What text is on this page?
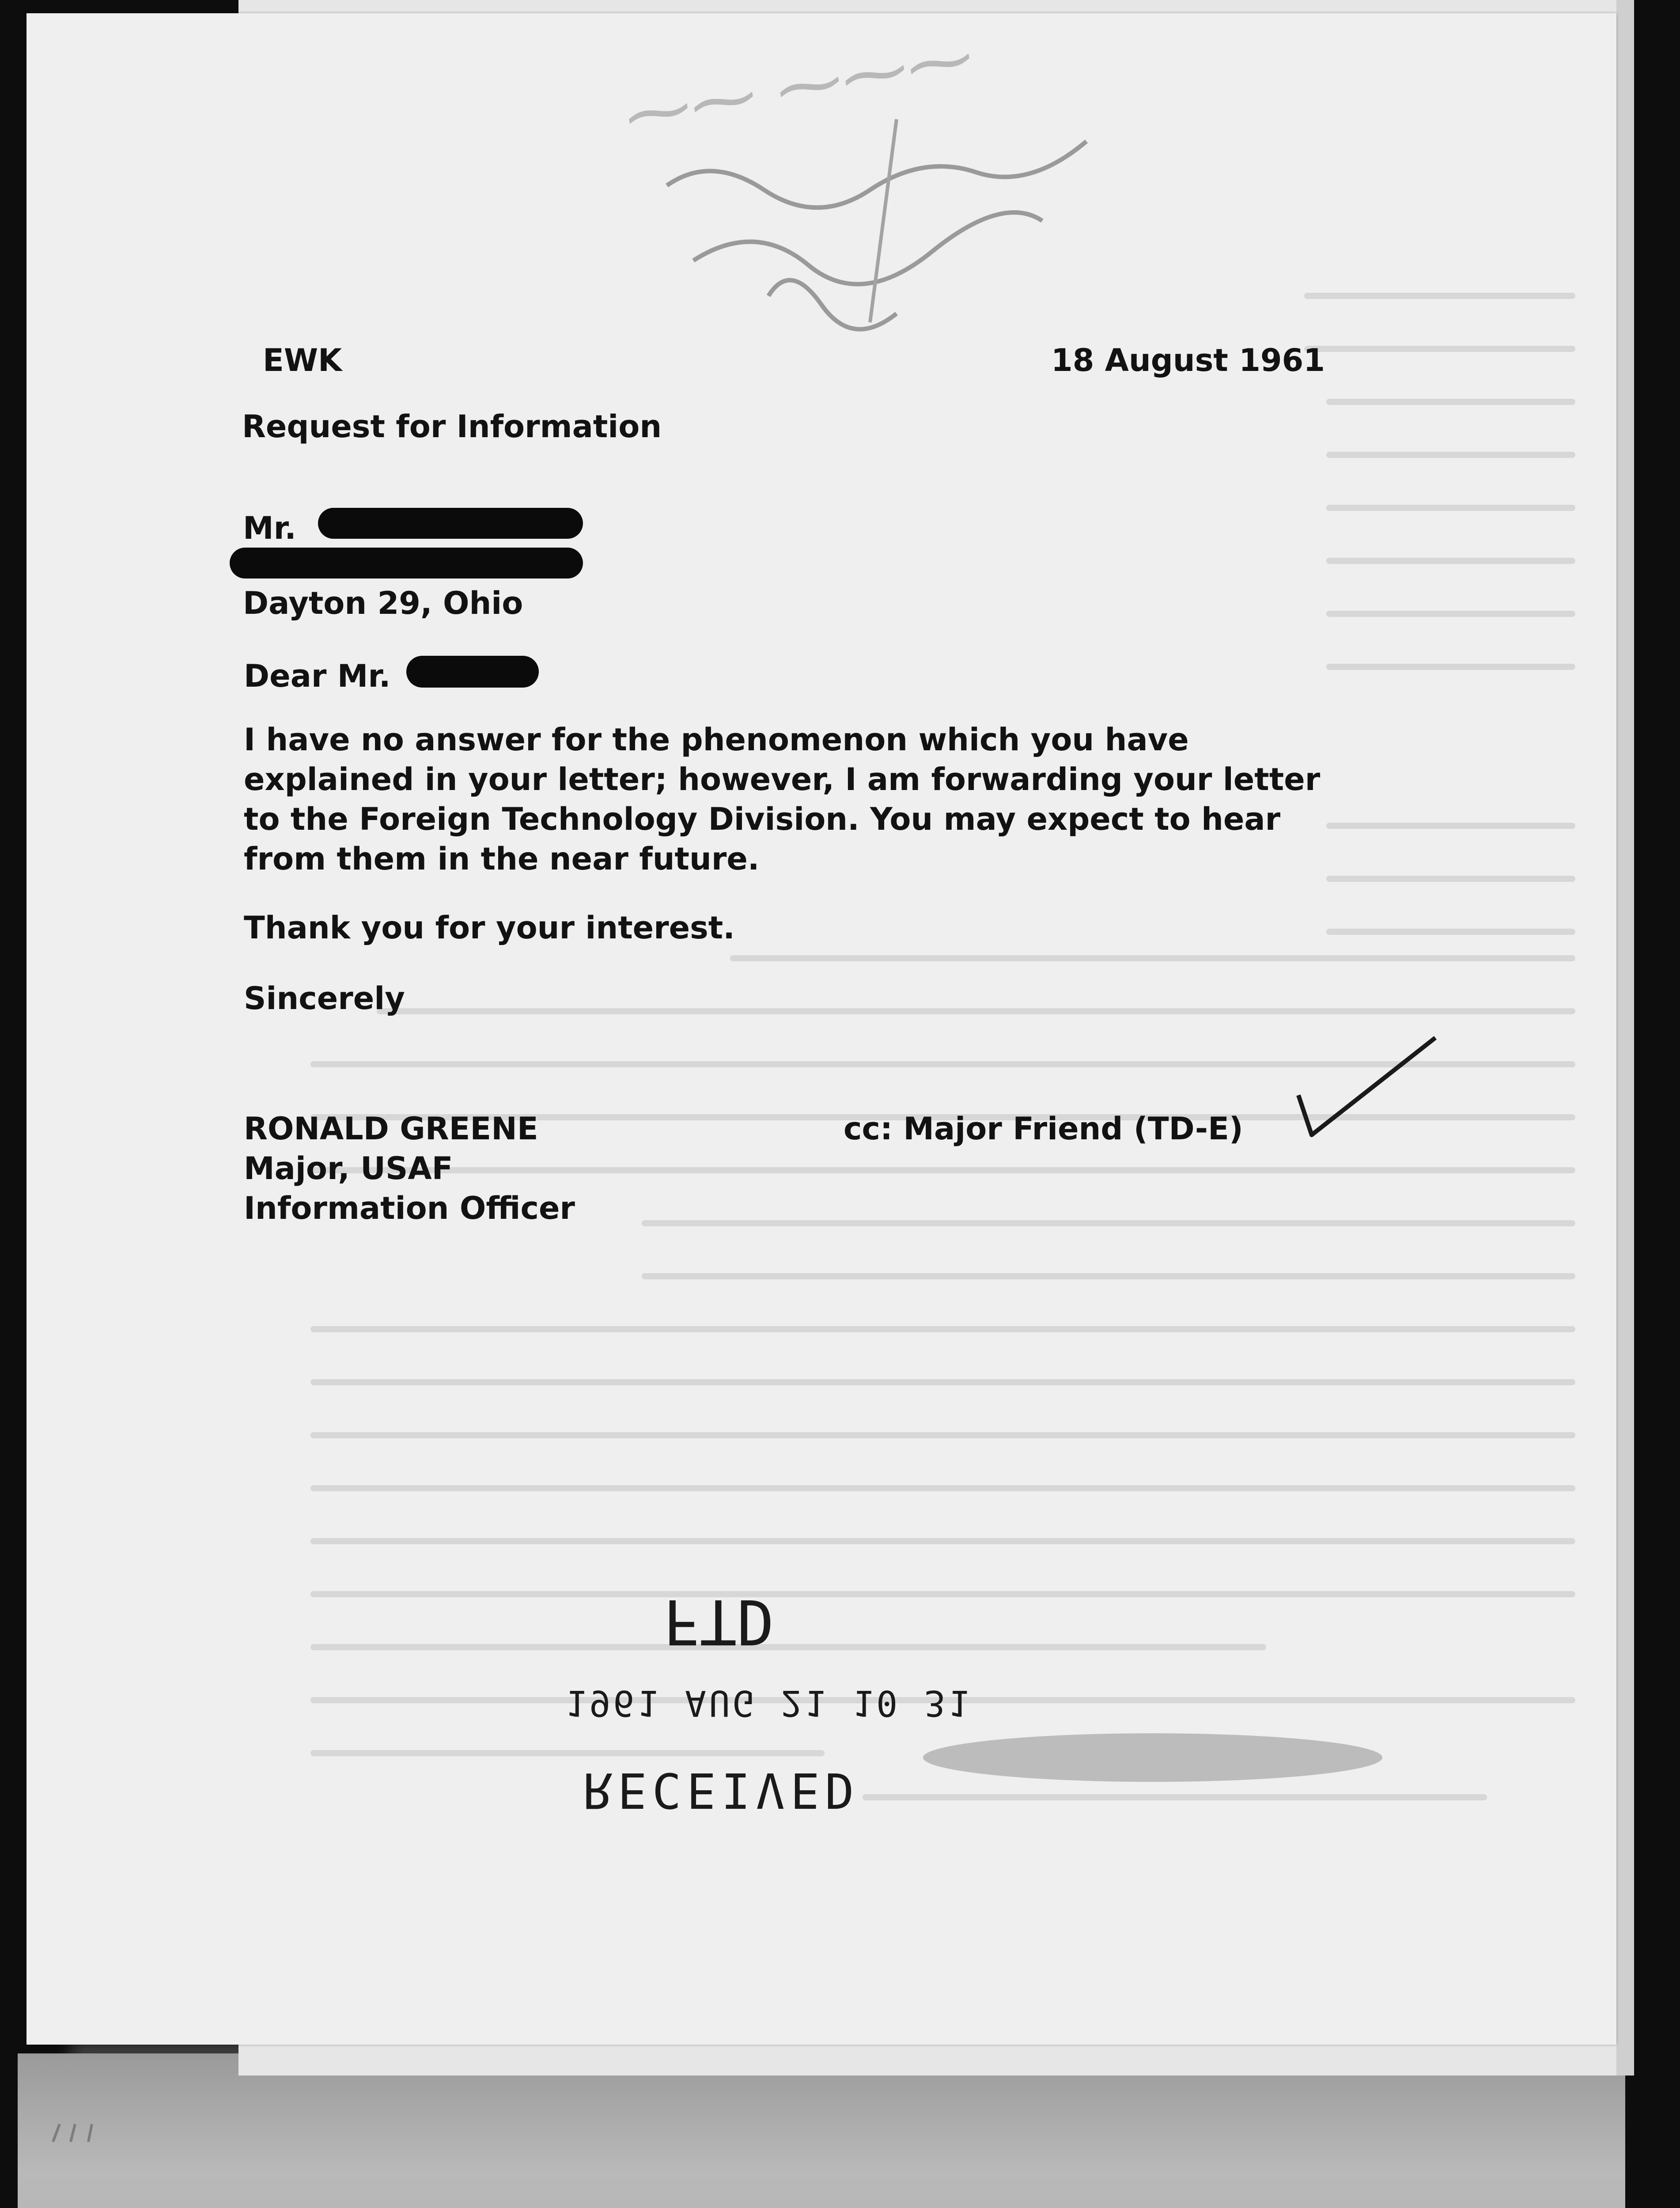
⁓⁓ ⁓⁓⁓
EWK	18 August 1961
Request for Information
Mr.
Dayton 29, Ohio
Dear Mr.
I have no answer for the phenomenon which you have explained in your letter; however, I am forwarding your letter to the Foreign Technology Division. You may expect to hear from them in the near future.
Thank you for your interest.
Sincerely
RONALD GREENE
Major, USAF
Information Officer
cc: Major Friend (TD-E)
FTD
1961 AUG 21 10 31
RECEIVED
